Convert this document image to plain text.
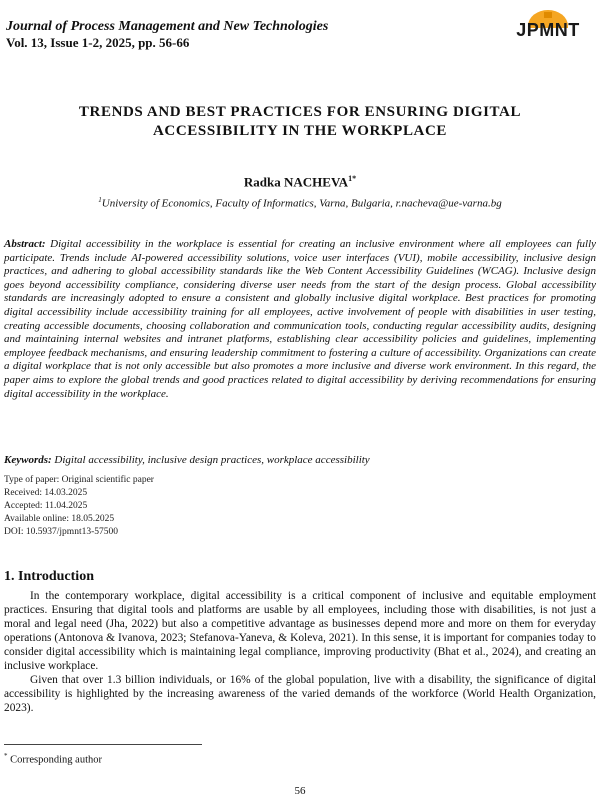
Journal of Process Management and New Technologies
Vol. 13, Issue 1-2, 2025, pp. 56-66
JPMNT
TRENDS AND BEST PRACTICES FOR ENSURING DIGITAL
ACCESSIBILITY IN THE WORKPLACE
Radka $NACHEVA^{1*}$
$^1$University of Economics, Faculty of Informatics, Varna, Bulgaria, r.nacheva@ue-varna.bg
Abstract: Digital accessibility in the workplace is essential for creating an inclusive environment where all employees can fully participate. Trends include AI-powered accessibility solutions, voice user interfaces (VUI), mobile accessibility, inclusive design practices, and adhering to global accessibility standards like the Web Content Accessibility Guidelines (WCAG). Inclusive design goes beyond accessibility compliance, considering diverse user needs from the start of the design process. Global accessibility standards are increasingly adopted to ensure a consistent and globally inclusive digital workplace. Best practices for promoting digital accessibility include accessibility training for all employees, active involvement of people with disabilities in user testing, creating accessible documents, choosing collaboration and communication tools, conducting regular accessibility audits, designing and maintaining internal websites and intranet platforms, establishing clear accessibility policies and guidelines, implementing employee feedback mechanisms, and ensuring leadership commitment to fostering a culture of accessibility. Organizations can create a digital workplace that is not only accessible but also promotes a more inclusive and diverse work environment. In this regard, the paper aims to explore the global trends and good practices related to digital accessibility by deriving recommendations for ensuring digital accessibility in the workplace.
Keywords: Digital accessibility, inclusive design practices, workplace accessibility
Type of paper: Original scientific paper
Received: 14.03.2025
Accepted: 11.04.2025
Available online: 18.05.2025
DOI: 10.5937/jpmnt13-57500
1. Introduction

In the contemporary workplace, digital accessibility is a critical component of inclusive and equitable employment practices. Ensuring that digital tools and platforms are usable by all employees, including those with disabilities, is not just a moral and legal need (Jha, 2022) but also a competitive advantage as businesses depend more and more on them for everyday operations (Antonova & Ivanova, 2023; Stefanova-Yaneva, & Koleva, 2021). In this sense, it is important for companies today to consider digital accessibility which is maintaining legal compliance, improving productivity (Bhat et al., 2024), and creating an inclusive workplace.

Given that over 1.3 billion individuals, or 16% of the global population, live with a disability, the significance of digital accessibility is highlighted by the increasing awareness of the varied demands of the workforce (World Health Organization, 2023).

* Corresponding author
56
